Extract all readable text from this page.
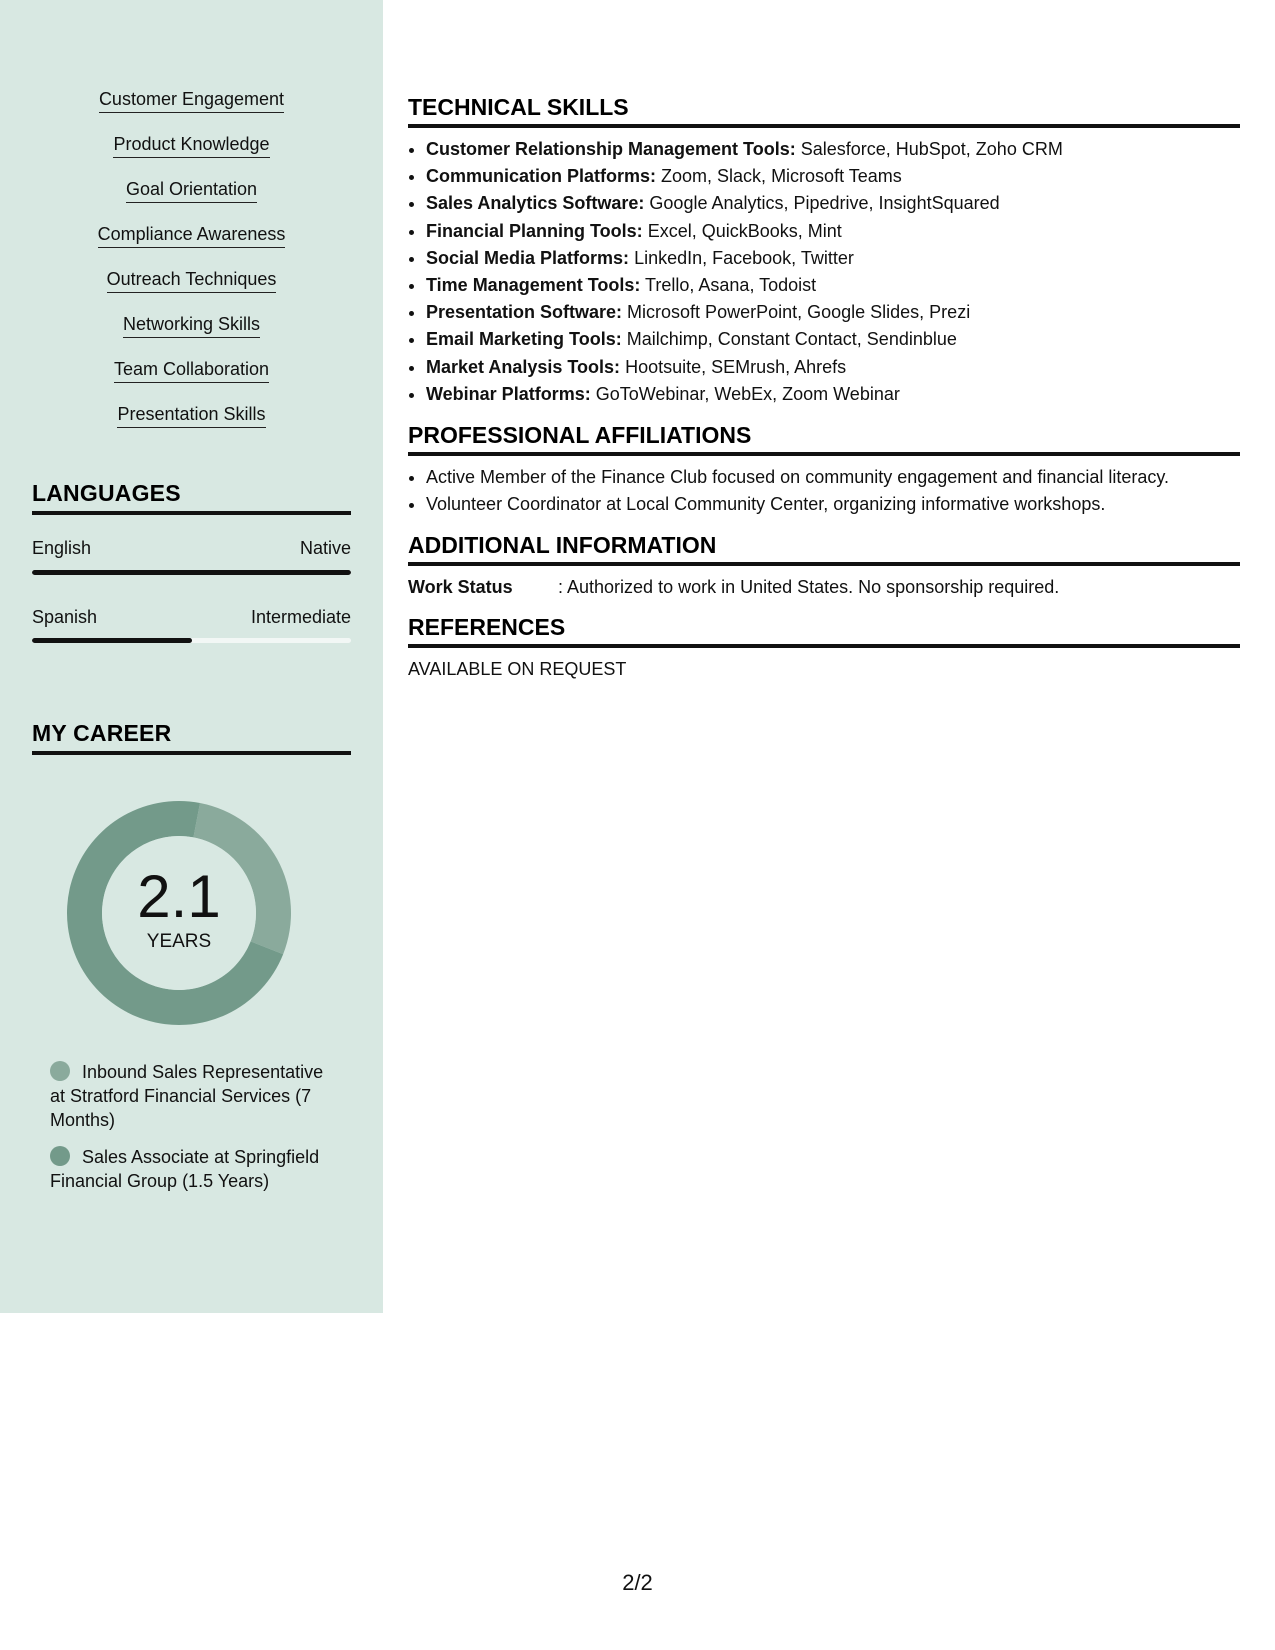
Customer Engagement
Product Knowledge
Goal Orientation
Compliance Awareness
Outreach Techniques
Networking Skills
Team Collaboration
Presentation Skills
LANGUAGES
English	Native
Spanish	Intermediate
MY CAREER
2.1
YEARS
Inbound Sales Representative at Stratford Financial Services (7 Months)
Sales Associate at Springfield Financial Group (1.5 Years)
TECHNICAL SKILLS
• Customer Relationship Management Tools: Salesforce, HubSpot, Zoho CRM
• Communication Platforms: Zoom, Slack, Microsoft Teams
• Sales Analytics Software: Google Analytics, Pipedrive, InsightSquared
• Financial Planning Tools: Excel, QuickBooks, Mint
• Social Media Platforms: LinkedIn, Facebook, Twitter
• Time Management Tools: Trello, Asana, Todoist
• Presentation Software: Microsoft PowerPoint, Google Slides, Prezi
• Email Marketing Tools: Mailchimp, Constant Contact, Sendinblue
• Market Analysis Tools: Hootsuite, SEMrush, Ahrefs
• Webinar Platforms: GoToWebinar, WebEx, Zoom Webinar
PROFESSIONAL AFFILIATIONS
• Active Member of the Finance Club focused on community engagement and financial literacy.
• Volunteer Coordinator at Local Community Center, organizing informative workshops.
ADDITIONAL INFORMATION
Work Status	: Authorized to work in United States. No sponsorship required.
REFERENCES
AVAILABLE ON REQUEST
2/2
